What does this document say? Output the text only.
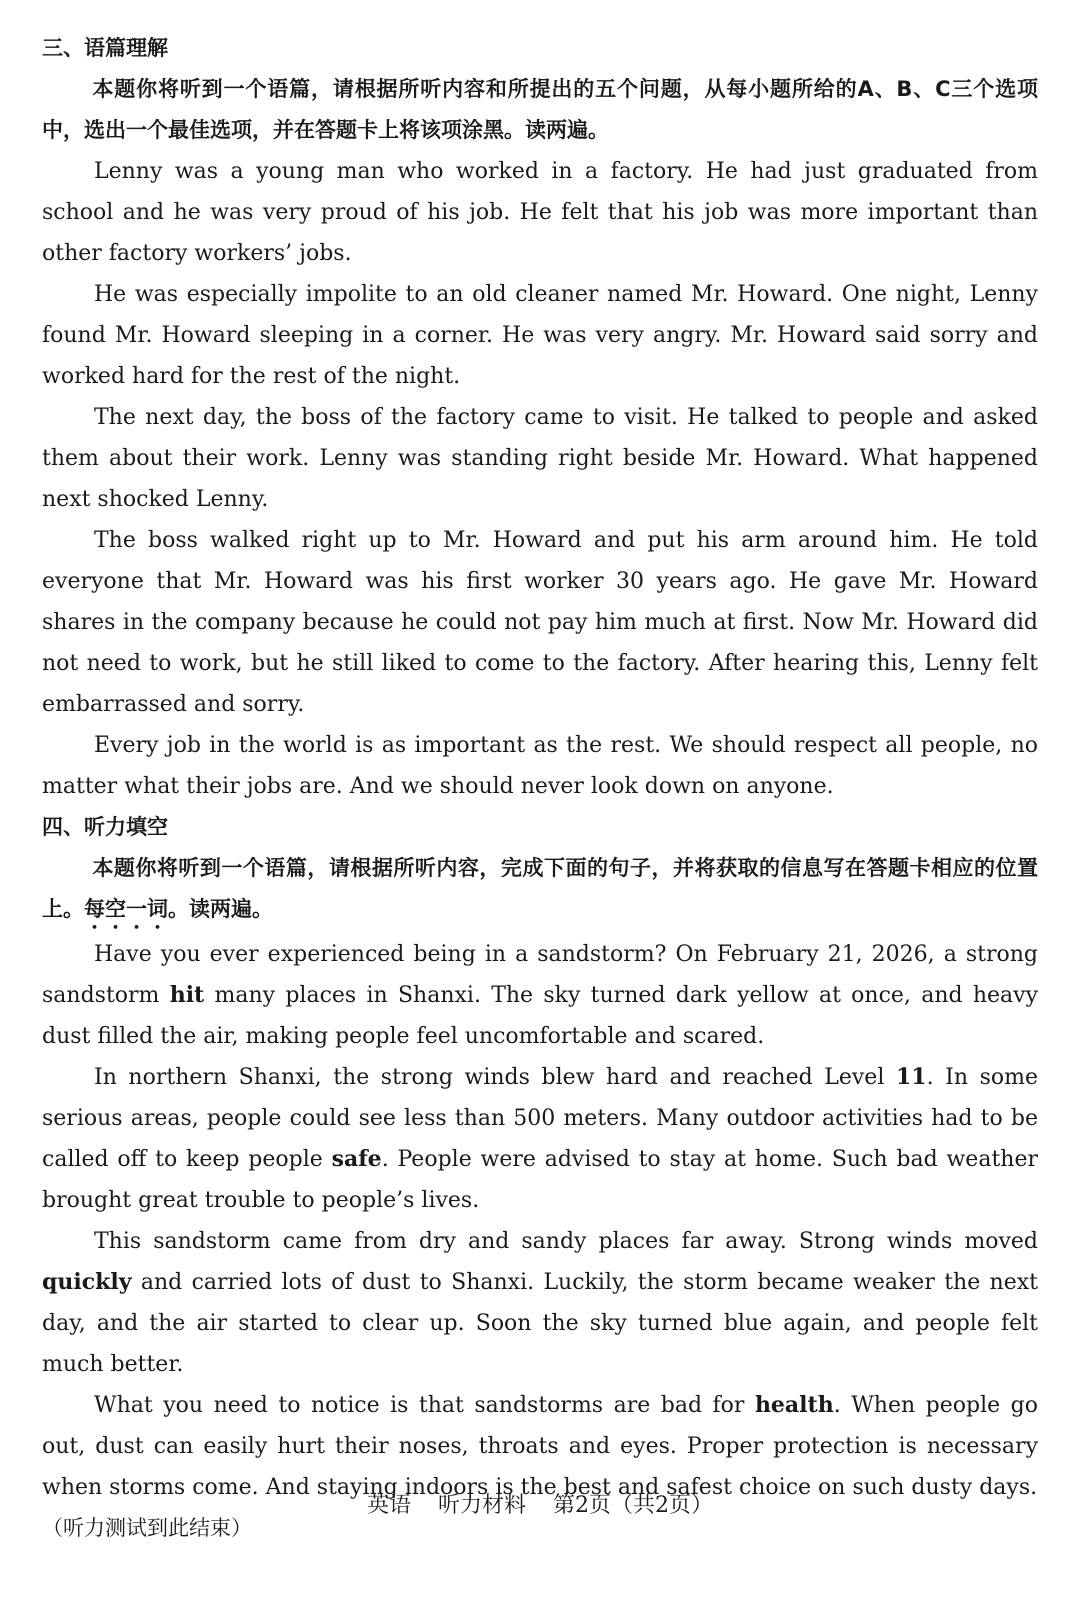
三、语篇理解

本题你将听到一个语篇，请根据所听内容和所提出的五个问题，从每小题所给的A、B、C三个选项中，选出一个最佳选项，并在答题卡上将该项涂黑。读两遍。

Lenny was a young man who worked in a factory. He had just graduated from school and he was very proud of his job. He felt that his job was more important than other factory workers’ jobs.

He was especially impolite to an old cleaner named Mr. Howard. One night, Lenny found Mr. Howard sleeping in a corner. He was very angry. Mr. Howard said sorry and worked hard for the rest of the night.

The next day, the boss of the factory came to visit. He talked to people and asked them about their work. Lenny was standing right beside Mr. Howard. What happened next shocked Lenny.

The boss walked right up to Mr. Howard and put his arm around him. He told everyone that Mr. Howard was his first worker 30 years ago. He gave Mr. Howard shares in the company because he could not pay him much at first. Now Mr. Howard did not need to work, but he still liked to come to the factory. After hearing this, Lenny felt embarrassed and sorry.

Every job in the world is as important as the rest. We should respect all people, no matter what their jobs are. And we should never look down on anyone.

四、听力填空

本题你将听到一个语篇，请根据所听内容，完成下面的句子，并将获取的信息写在答题卡相应的位置上。每空一词。读两遍。

Have you ever experienced being in a sandstorm? On February 21, 2026, a strong sandstorm hit many places in Shanxi. The sky turned dark yellow at once, and heavy dust filled the air, making people feel uncomfortable and scared.

In northern Shanxi, the strong winds blew hard and reached Level 11. In some serious areas, people could see less than 500 meters. Many outdoor activities had to be called off to keep people safe. People were advised to stay at home. Such bad weather brought great trouble to people’s lives.

This sandstorm came from dry and sandy places far away. Strong winds moved quickly and carried lots of dust to Shanxi. Luckily, the storm became weaker the next day, and the air started to clear up. Soon the sky turned blue again, and people felt much better.

What you need to notice is that sandstorms are bad for health. When people go out, dust can easily hurt their noses, throats and eyes. Proper protection is necessary when storms come. And staying indoors is the best and safest choice on such dusty days.

（听力测试到此结束）

英语 听力材料 第2页（共2页）
